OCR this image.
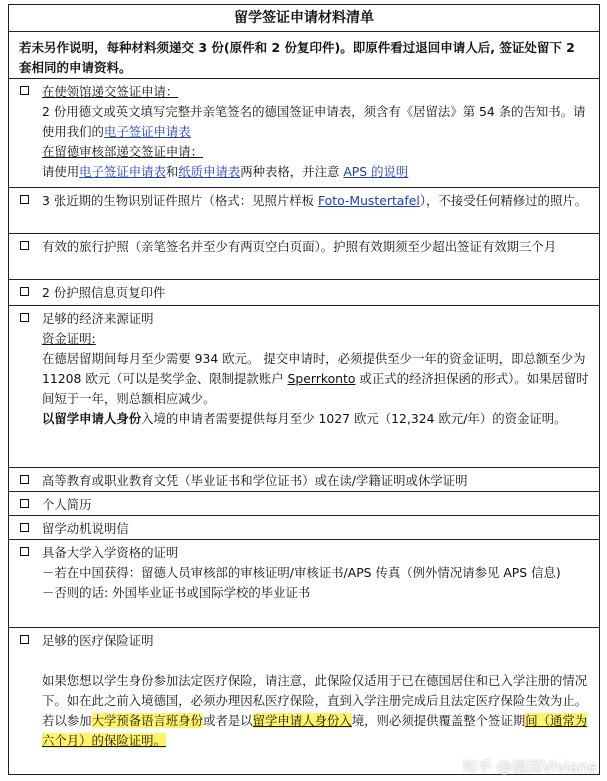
留学签证申请材料清单
若未另作说明，每种材料须递交 3 份(原件和 2 份复印件)。即原件看过退回申请人后, 签证处留下 2 套相同的申请资料。
在使领馆递交签证申请：
2 份用德文或英文填写完整并亲笔签名的德国签证申请表，须含有《居留法》第 54 条的告知书。请使用我们的电子签证申请表
在留德审核部递交签证申请：
请使用电子签证申请表和纸质申请表两种表格，并注意 APS 的说明
3 张近期的生物识别证件照片（格式：见照片样板 Foto-Mustertafel），不接受任何精修过的照片。
有效的旅行护照（亲笔签名并至少有两页空白页面）。护照有效期须至少超出签证有效期三个月
2 份护照信息页复印件
足够的经济来源证明
资金证明:
在德居留期间每月至少需要 934 欧元。 提交申请时，必须提供至少一年的资金证明，即总额至少为 11208 欧元（可以是奖学金、限制提款账户 Sperrkonto 或正式的经济担保函的形式）。如果居留时间短于一年，则总额相应减少。
以留学申请人身份入境的申请者需要提供每月至少 1027 欧元（12,324 欧元/年）的资金证明。
高等教育或职业教育文凭（毕业证书和学位证书）或在读/学籍证明或休学证明
个人简历
留学动机说明信
具备大学入学资格的证明
－若在中国获得：留德人员审核部的审核证明/审核证书/APS 传真（例外情况请参见 APS 信息)
－否则的话: 外国毕业证书或国际学校的毕业证书
足够的医疗保险证明
如果您想以学生身份参加法定医疗保险，请注意，此保险仅适用于已在德国居住和已入学注册的情况下。如在此之前入境德国，必须办理因私医疗保险，直到入学注册完成后且法定医疗保险生效为止。
若以参加大学预备语言班身份或者是以留学申请人身份入境，则必须提供覆盖整个签证期间（通常为六个月）的保险证明。
知乎 @德国Viviane
